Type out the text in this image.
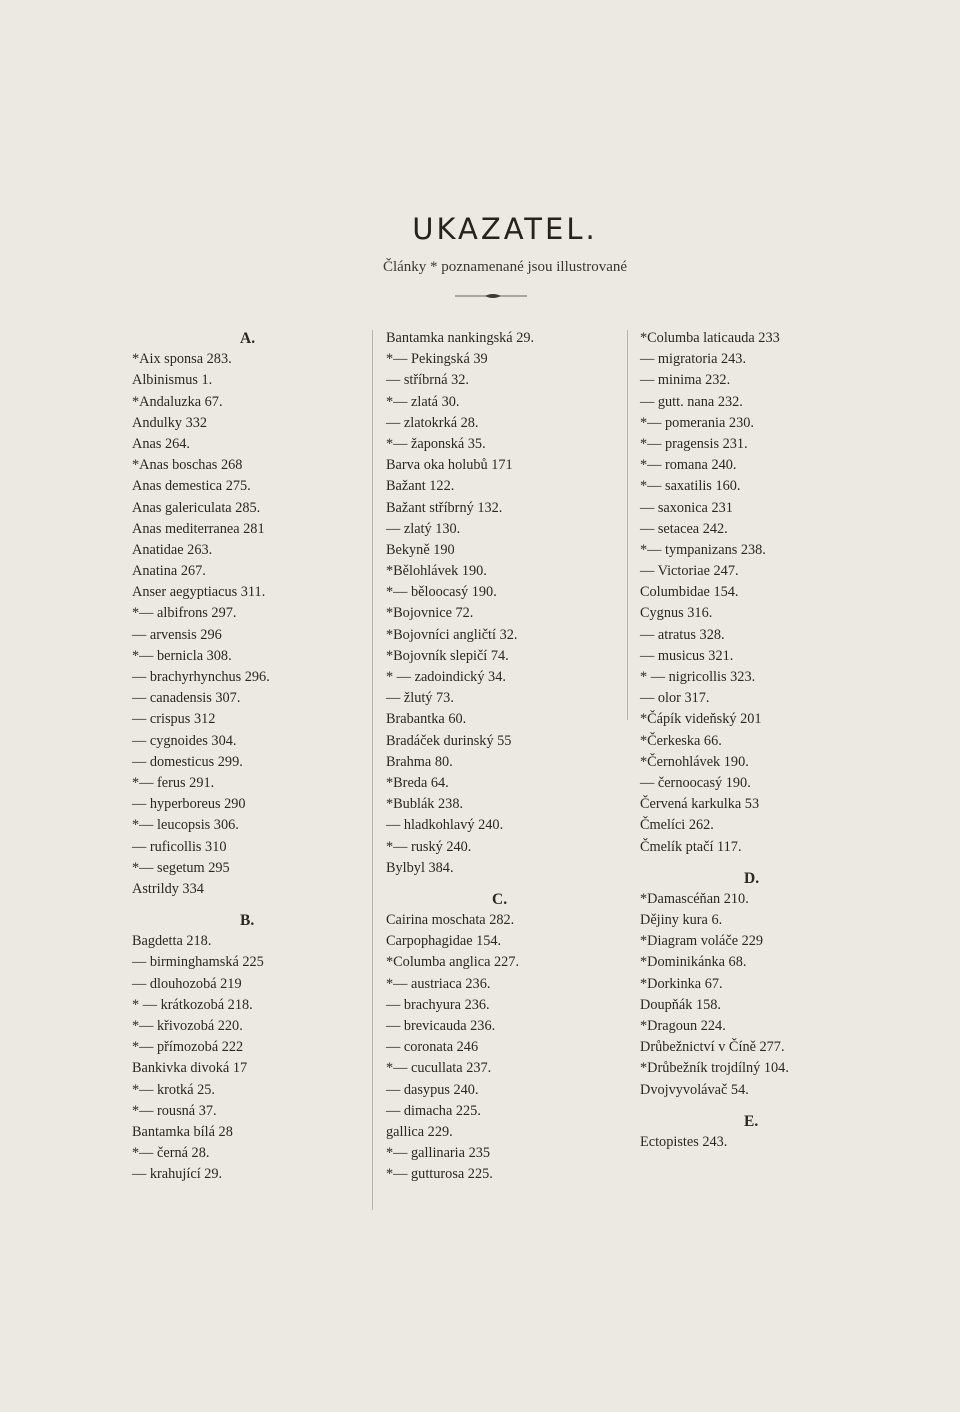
UKAZATEL.
Články * poznamenané jsou illustrované
A.
*Aix sponsa 283.
Albinismus 1.
*Andaluzka 67.
Andulky 332
Anas 264.
*Anas boschas 268
Anas demestica 275.
Anas galericulata 285.
Anas mediterranea 281
Anatidae 263.
Anatina 267.
Anser aegyptiacus 311.
*— albifrons 297.
— arvensis 296
*— bernicla 308.
— brachyrhynchus 296.
— canadensis 307.
— crispus 312
— cygnoides 304.
— domesticus 299.
*— ferus 291.
— hyperboreus 290
*— leucopsis 306.
— ruficollis 310
*— segetum 295
Astrildy 334
B.
Bagdetta 218.
— birminghamská 225
— dlouhozobá 219
* — krátkozobá 218.
*— křivozobá 220.
*— přímozobá 222
Bankivka divoká 17
*— krotká 25.
*— rousná 37.
Bantamka bílá 28
*— černá 28.
— krahující 29.
Bantamka nankingská 29.
*— Pekingská 39
— stříbrná 32.
*— zlatá 30.
— zlatokrká 28.
*— žaponská 35.
Barva oka holubů 171
Bažant 122.
Bažant stříbrný 132.
— zlatý 130.
Bekyně 190
*Bělohlávek 190.
*— běloocasý 190.
*Bojovnice 72.
*Bojovníci angličtí 32.
*Bojovník slepičí 74.
* — zadoindický 34.
— žlutý 73.
Brabantka 60.
Bradáček durinský 55
Brahma 80.
*Breda 64.
*Bublák 238.
— hladkohlavý 240.
*— ruský 240.
Bylbyl 384.
C.
Cairina moschata 282.
Carpophagidae 154.
*Columba anglica 227.
*— austriaca 236.
— brachyura 236.
— brevicauda 236.
— coronata 246
*— cucullata 237.
— dasypus 240.
— dimacha 225.
gallica 229.
*— gallinaria 235
*— gutturosa 225.
*Columba laticauda 233
— migratoria 243.
— minima 232.
— gutt. nana 232.
*— pomerania 230.
*— pragensis 231.
*— romana 240.
*— saxatilis 160.
— saxonica 231
— setacea 242.
*— tympanizans 238.
— Victoriae 247.
Columbidae 154.
Cygnus 316.
— atratus 328.
— musicus 321.
* — nigricollis 323.
— olor 317.
*Čápík videňský 201
*Čerkeska 66.
*Černohlávek 190.
— černoocasý 190.
Červená karkulka 53
Čmelíci 262.
Čmelík ptačí 117.
D.
*Damascéňan 210.
Dějiny kura 6.
*Diagram voláče 229
*Dominikánka 68.
*Dorkinka 67.
Doupňák 158.
*Dragoun 224.
Drůbežnictví v Číně 277.
*Drůbežník trojdílný 104.
Dvojvyvolávač 54.
E.
Ectopistes 243.
